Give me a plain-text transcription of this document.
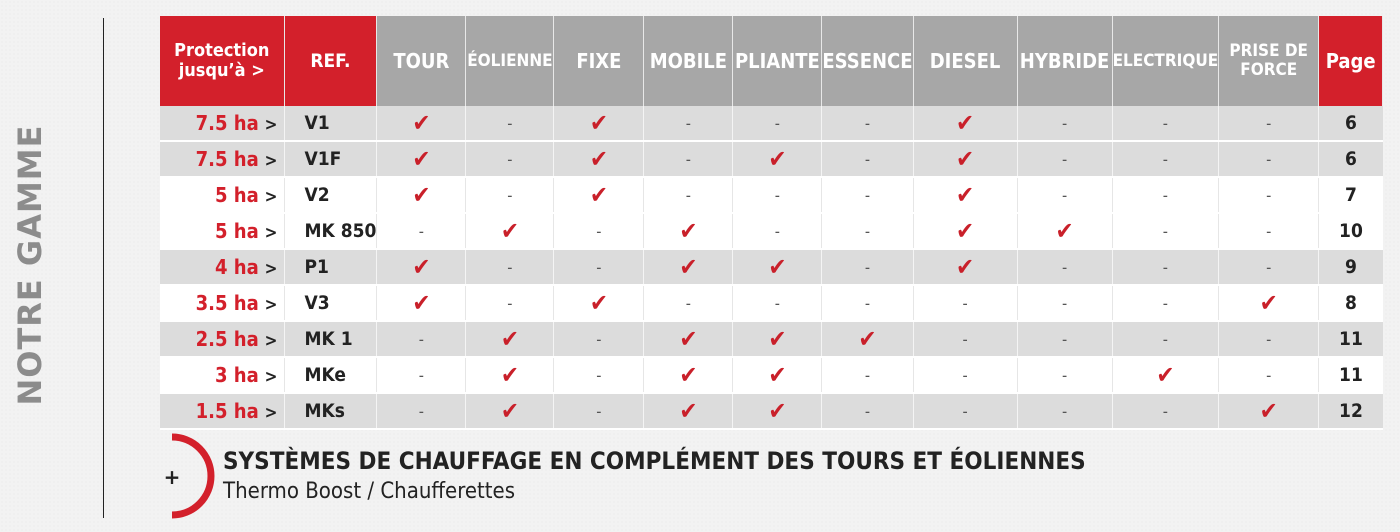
NOTRE GAMME
Protection jusqu’à >	REF.	TOUR	ÉOLIENNE	FIXE	MOBILE	PLIANTE	ESSENCE	DIESEL	HYBRIDE	ELECTRIQUE	PRISE DE FORCE	Page
7.5 ha >	V1	✔	-	✔	-	-	-	✔	-	-	-	6
7.5 ha >	V1F	✔	-	✔	-	✔	-	✔	-	-	-	6
5 ha >	V2	✔	-	✔	-	-	-	✔	-	-	-	7
5 ha >	MK 850	-	✔	-	✔	-	-	✔	✔	-	-	10
4 ha >	P1	✔	-	-	✔	✔	-	✔	-	-	-	9
3.5 ha >	V3	✔	-	✔	-	-	-	-	-	-	✔	8
2.5 ha >	MK 1	-	✔	-	✔	✔	✔	-	-	-	-	11
3 ha >	MKe	-	✔	-	✔	✔	-	-	-	✔	-	11
1.5 ha >	MKs	-	✔	-	✔	✔	-	-	-	-	✔	12
+
SYSTÈMES DE CHAUFFAGE EN COMPLÉMENT DES TOURS ET ÉOLIENNES
Thermo Boost / Chaufferettes
